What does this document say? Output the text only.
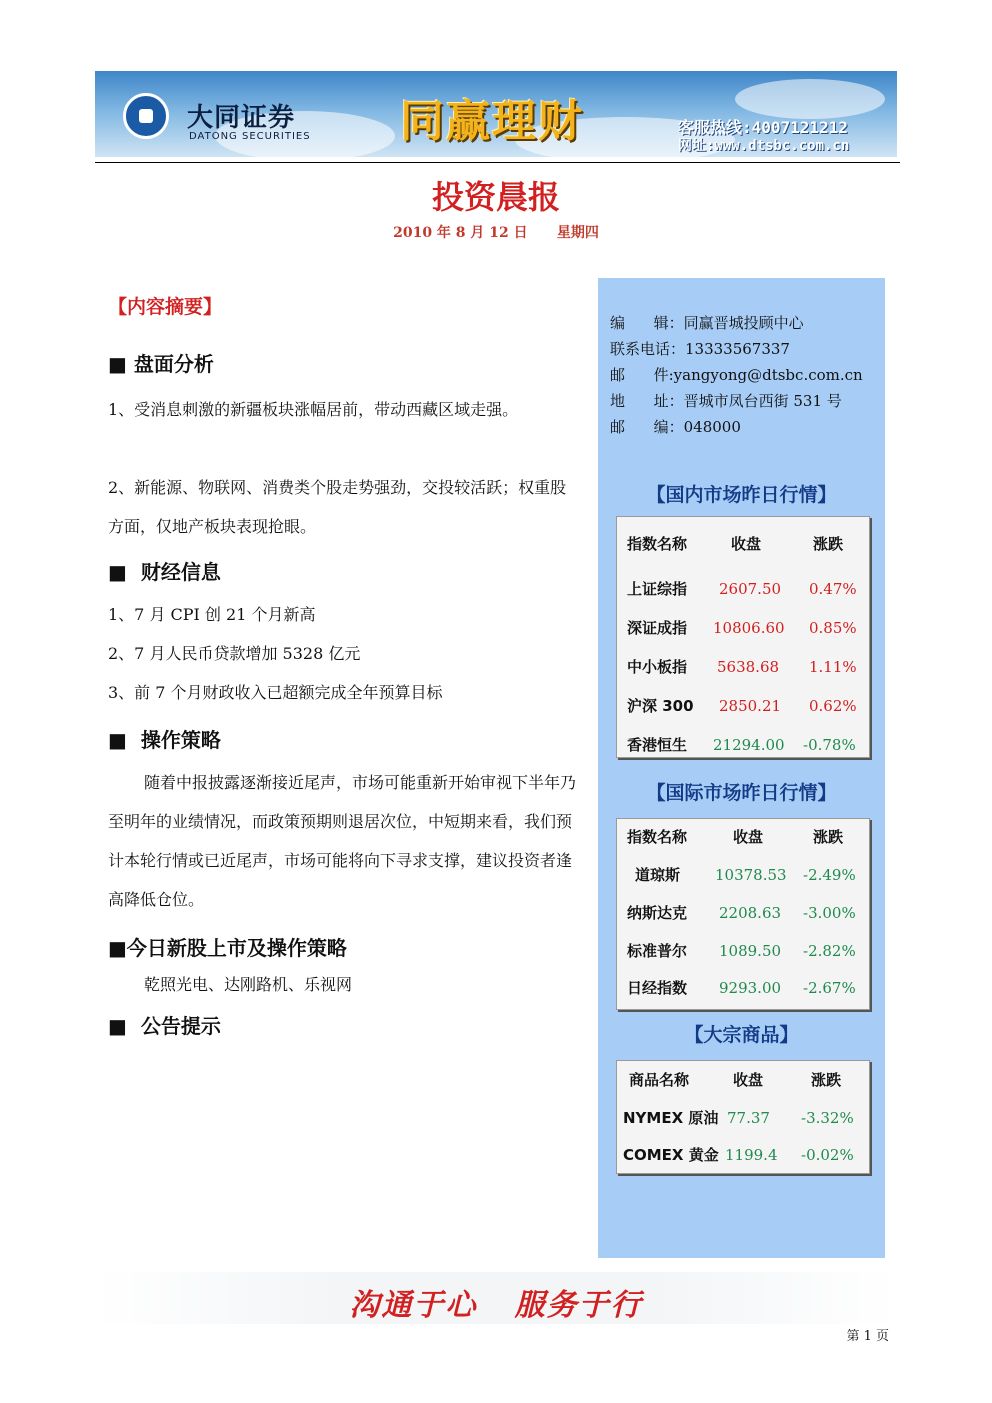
大同证券
DATONG SECURITIES 同赢理财	客服热线:4007121212
网址:www.dtsbc.com.cn
投资晨报
2010 年 8 月 12 日      星期四
【内容摘要】
■ 盘面分析
1、受消息刺激的新疆板块涨幅居前，带动西藏区域走强。
2、新能源、物联网、消费类个股走势强劲，交投较活跃；权重股方面，仅地产板块表现抢眼。
■  财经信息
1、7 月 CPI 创 21 个月新高
2、7 月人民币贷款增加 5328 亿元
3、前 7 个月财政收入已超额完成全年预算目标
■  操作策略
随着中报披露逐渐接近尾声，市场可能重新开始审视下半年乃至明年的业绩情况，而政策预期则退居次位，中短期来看，我们预计本轮行情或已近尾声，市场可能将向下寻求支撑，建议投资者逢高降低仓位。
■今日新股上市及操作策略
乾照光电、达刚路机、乐视网
■  公告提示
编      辑：同赢晋城投顾中心
联系电话：13333567337
邮      件:yangyong@dtsbc.com.cn
地      址：晋城市凤台西街 531 号
邮      编：048000
【国内市场昨日行情】
指数名称	收盘	涨跌
上证综指 2607.50 0.47%
深证成指 10806.60 0.85%
中小板指 5638.68 1.11%
沪深 300 2850.21 0.62%
香港恒生 21294.00 -0.78%
【国际市场昨日行情】
指数名称	收盘	涨跌
道琼斯 10378.53 -2.49%
纳斯达克 2208.63 -3.00%
标准普尔 1089.50 -2.82%
日经指数 9293.00 -2.67%
【大宗商品】
商品名称	收盘	涨跌
NYMEX 原油 77.37 -3.32%
COMEX 黄金 1199.4 -0.02%
沟通于心   服务于行
第 1 页
